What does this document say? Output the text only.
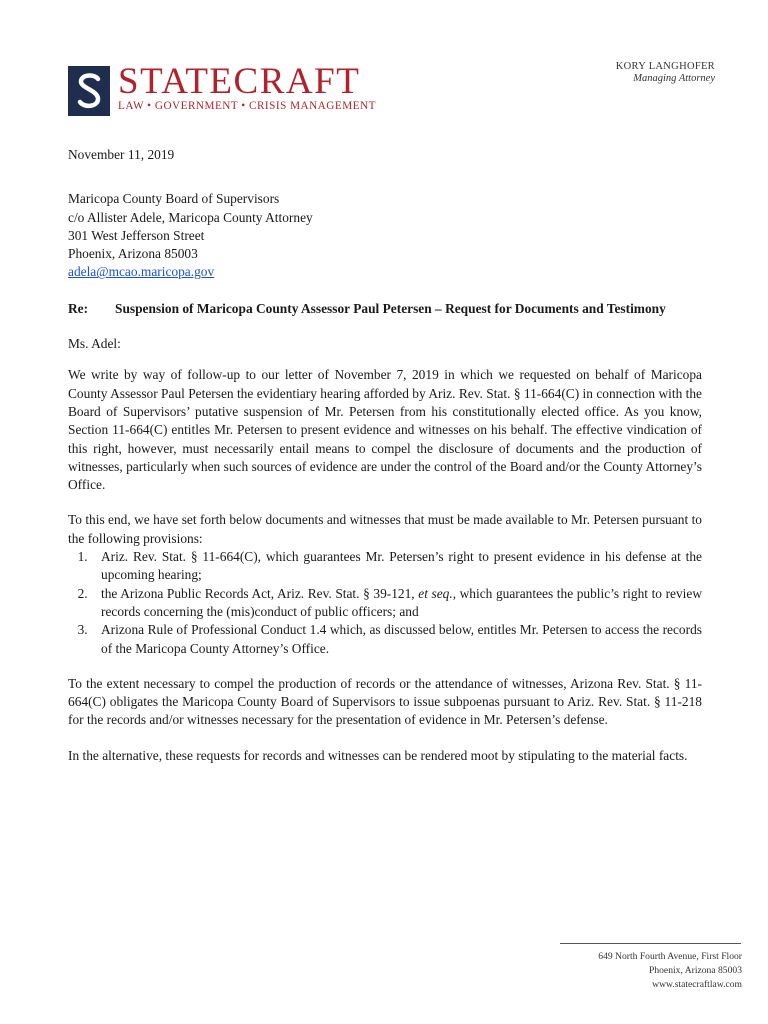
STATECRAFT
LAW • GOVERNMENT • CRISIS MANAGEMENT
KORY LANGHOFER
Managing Attorney
November 11, 2019
Maricopa County Board of Supervisors
c/o Allister Adele, Maricopa County Attorney
301 West Jefferson Street
Phoenix, Arizona 85003
adela@mcao.maricopa.gov
Re:	Suspension of Maricopa County Assessor Paul Petersen – Request for Documents and Testimony

Ms. Adel:

We write by way of follow-up to our letter of November 7, 2019 in which we requested on behalf of Maricopa County Assessor Paul Petersen the evidentiary hearing afforded by Ariz. Rev. Stat. § 11-664(C) in connection with the Board of Supervisors’ putative suspension of Mr. Petersen from his constitutionally elected office. As you know, Section 11-664(C) entitles Mr. Petersen to present evidence and witnesses on his behalf. The effective vindication of this right, however, must necessarily entail means to compel the disclosure of documents and the production of witnesses, particularly when such sources of evidence are under the control of the Board and/or the County Attorney’s Office.

To this end, we have set forth below documents and witnesses that must be made available to Mr. Petersen pursuant to the following provisions:

1. Ariz. Rev. Stat. § 11-664(C), which guarantees Mr. Petersen’s right to present evidence in his defense at the upcoming hearing;
2. the Arizona Public Records Act, Ariz. Rev. Stat. § 39-121, et seq., which guarantees the public’s right to review records concerning the (mis)conduct of public officers; and
3. Arizona Rule of Professional Conduct 1.4 which, as discussed below, entitles Mr. Petersen to access the records of the Maricopa County Attorney’s Office.

To the extent necessary to compel the production of records or the attendance of witnesses, Arizona Rev. Stat. § 11-664(C) obligates the Maricopa County Board of Supervisors to issue subpoenas pursuant to Ariz. Rev. Stat. § 11-218 for the records and/or witnesses necessary for the presentation of evidence in Mr. Petersen’s defense.

In the alternative, these requests for records and witnesses can be rendered moot by stipulating to the material facts.

649 North Fourth Avenue, First Floor
Phoenix, Arizona 85003
www.statecraftlaw.com
